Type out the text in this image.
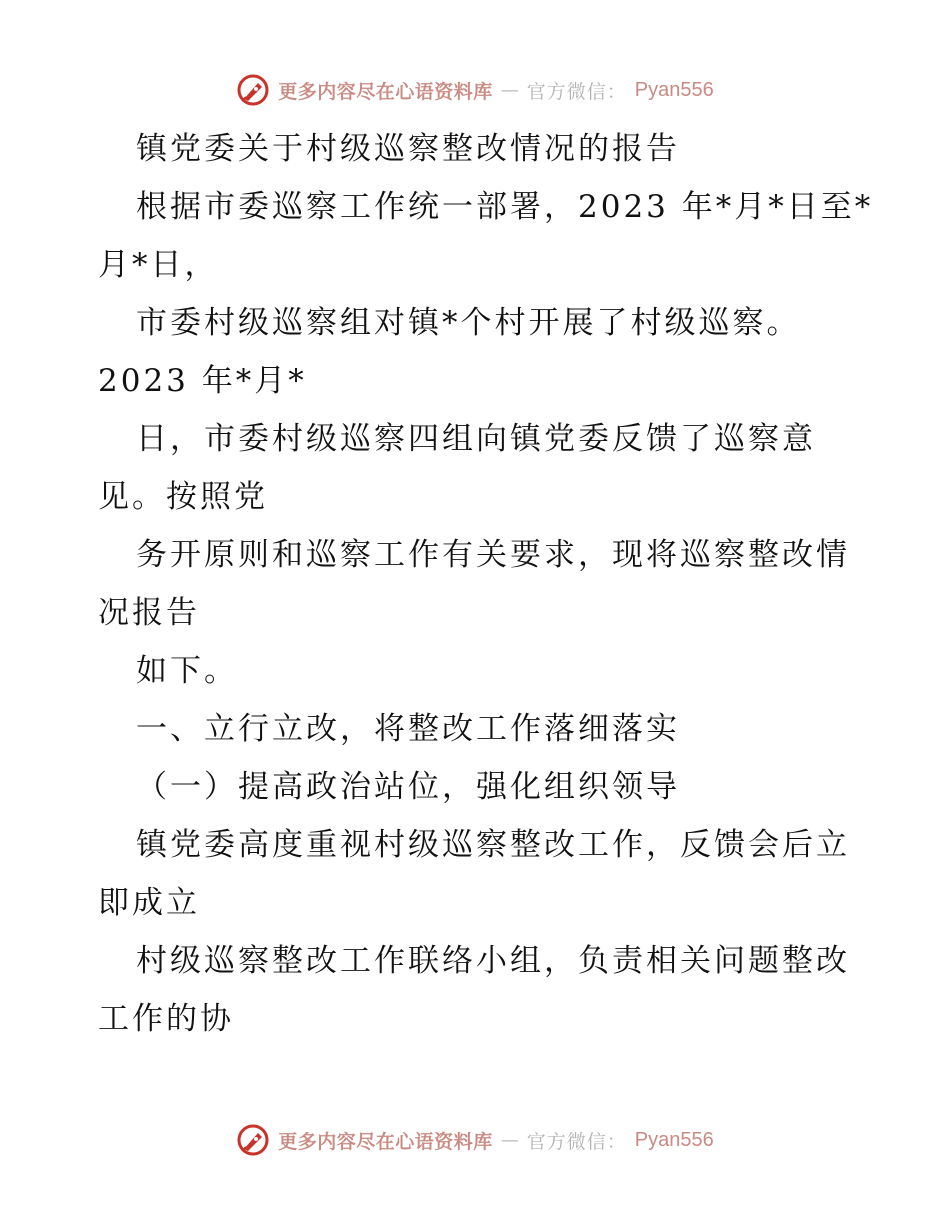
更多内容尽在心语资料库 — 官方微信： Pyan556
镇党委关于村级巡察整改情况的报告
根据市委巡察工作统一部署，2023 年*月*日至*
月*日，
市委村级巡察组对镇*个村开展了村级巡察。
2023 年*月*
日，市委村级巡察四组向镇党委反馈了巡察意
见。按照党
务开原则和巡察工作有关要求，现将巡察整改情
况报告
如下。
一、立行立改，将整改工作落细落实
（一）提高政治站位，强化组织领导
镇党委高度重视村级巡察整改工作，反馈会后立
即成立
村级巡察整改工作联络小组，负责相关问题整改
工作的协
更多内容尽在心语资料库 — 官方微信： Pyan556
